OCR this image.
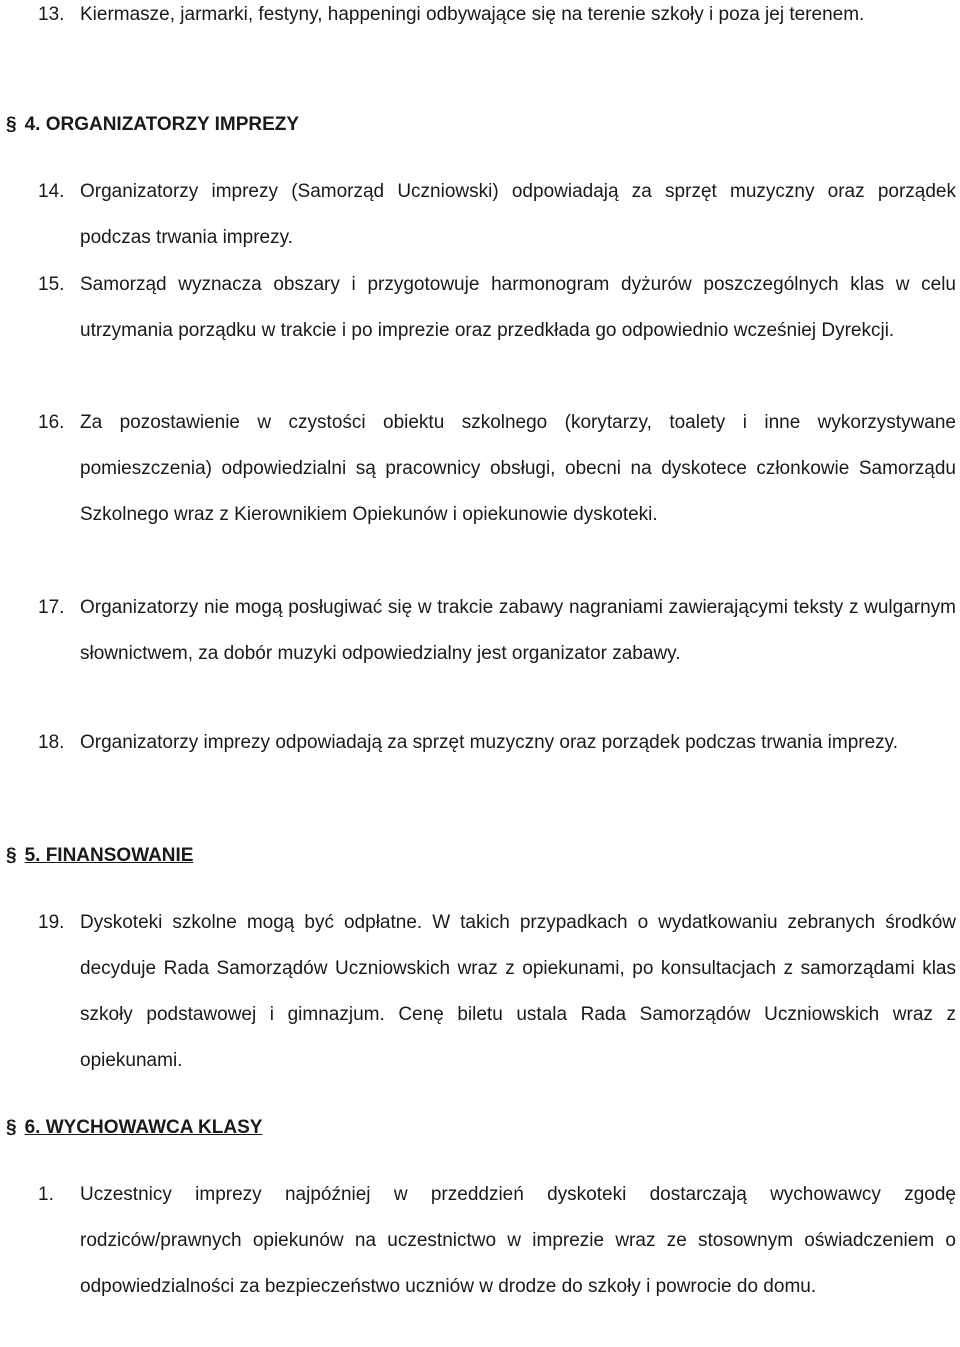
13. Kiermasze, jarmarki, festyny, happeningi odbywające się na terenie szkoły i poza jej terenem.
§ 4. ORGANIZATORZY IMPREZY
14. Organizatorzy imprezy (Samorząd Uczniowski) odpowiadają za sprzęt muzyczny oraz porządek podczas trwania imprezy.
15. Samorząd wyznacza obszary i przygotowuje harmonogram dyżurów poszczególnych klas w celu utrzymania porządku w trakcie i po imprezie oraz przedkłada go odpowiednio wcześniej Dyrekcji.
16. Za pozostawienie w czystości obiektu szkolnego (korytarzy, toalety i inne wykorzystywane pomieszczenia) odpowiedzialni są pracownicy obsługi, obecni na dyskotece członkowie Samorządu Szkolnego wraz z Kierownikiem Opiekunów i opiekunowie dyskoteki.
17. Organizatorzy nie mogą posługiwać się w trakcie zabawy nagraniami zawierającymi teksty z wulgarnym słownictwem, za dobór muzyki odpowiedzialny jest organizator zabawy.
18. Organizatorzy imprezy odpowiadają za sprzęt muzyczny oraz porządek podczas trwania imprezy.
§ 5. FINANSOWANIE
19. Dyskoteki szkolne mogą być odpłatne. W takich przypadkach o wydatkowaniu zebranych środków decyduje Rada Samorządów Uczniowskich wraz z opiekunami, po konsultacjach z samorządami klas szkoły podstawowej i gimnazjum. Cenę biletu ustala Rada Samorządów Uczniowskich wraz z opiekunami.
§ 6. WYCHOWAWCA KLASY
1.	Uczestnicy imprezy najpóźniej w przeddzień dyskoteki dostarczają wychowawcy zgodę rodziców/prawnych opiekunów na uczestnictwo w imprezie wraz ze stosownym oświadczeniem o odpowiedzialności za bezpieczeństwo uczniów w drodze do szkoły i powrocie do domu.
